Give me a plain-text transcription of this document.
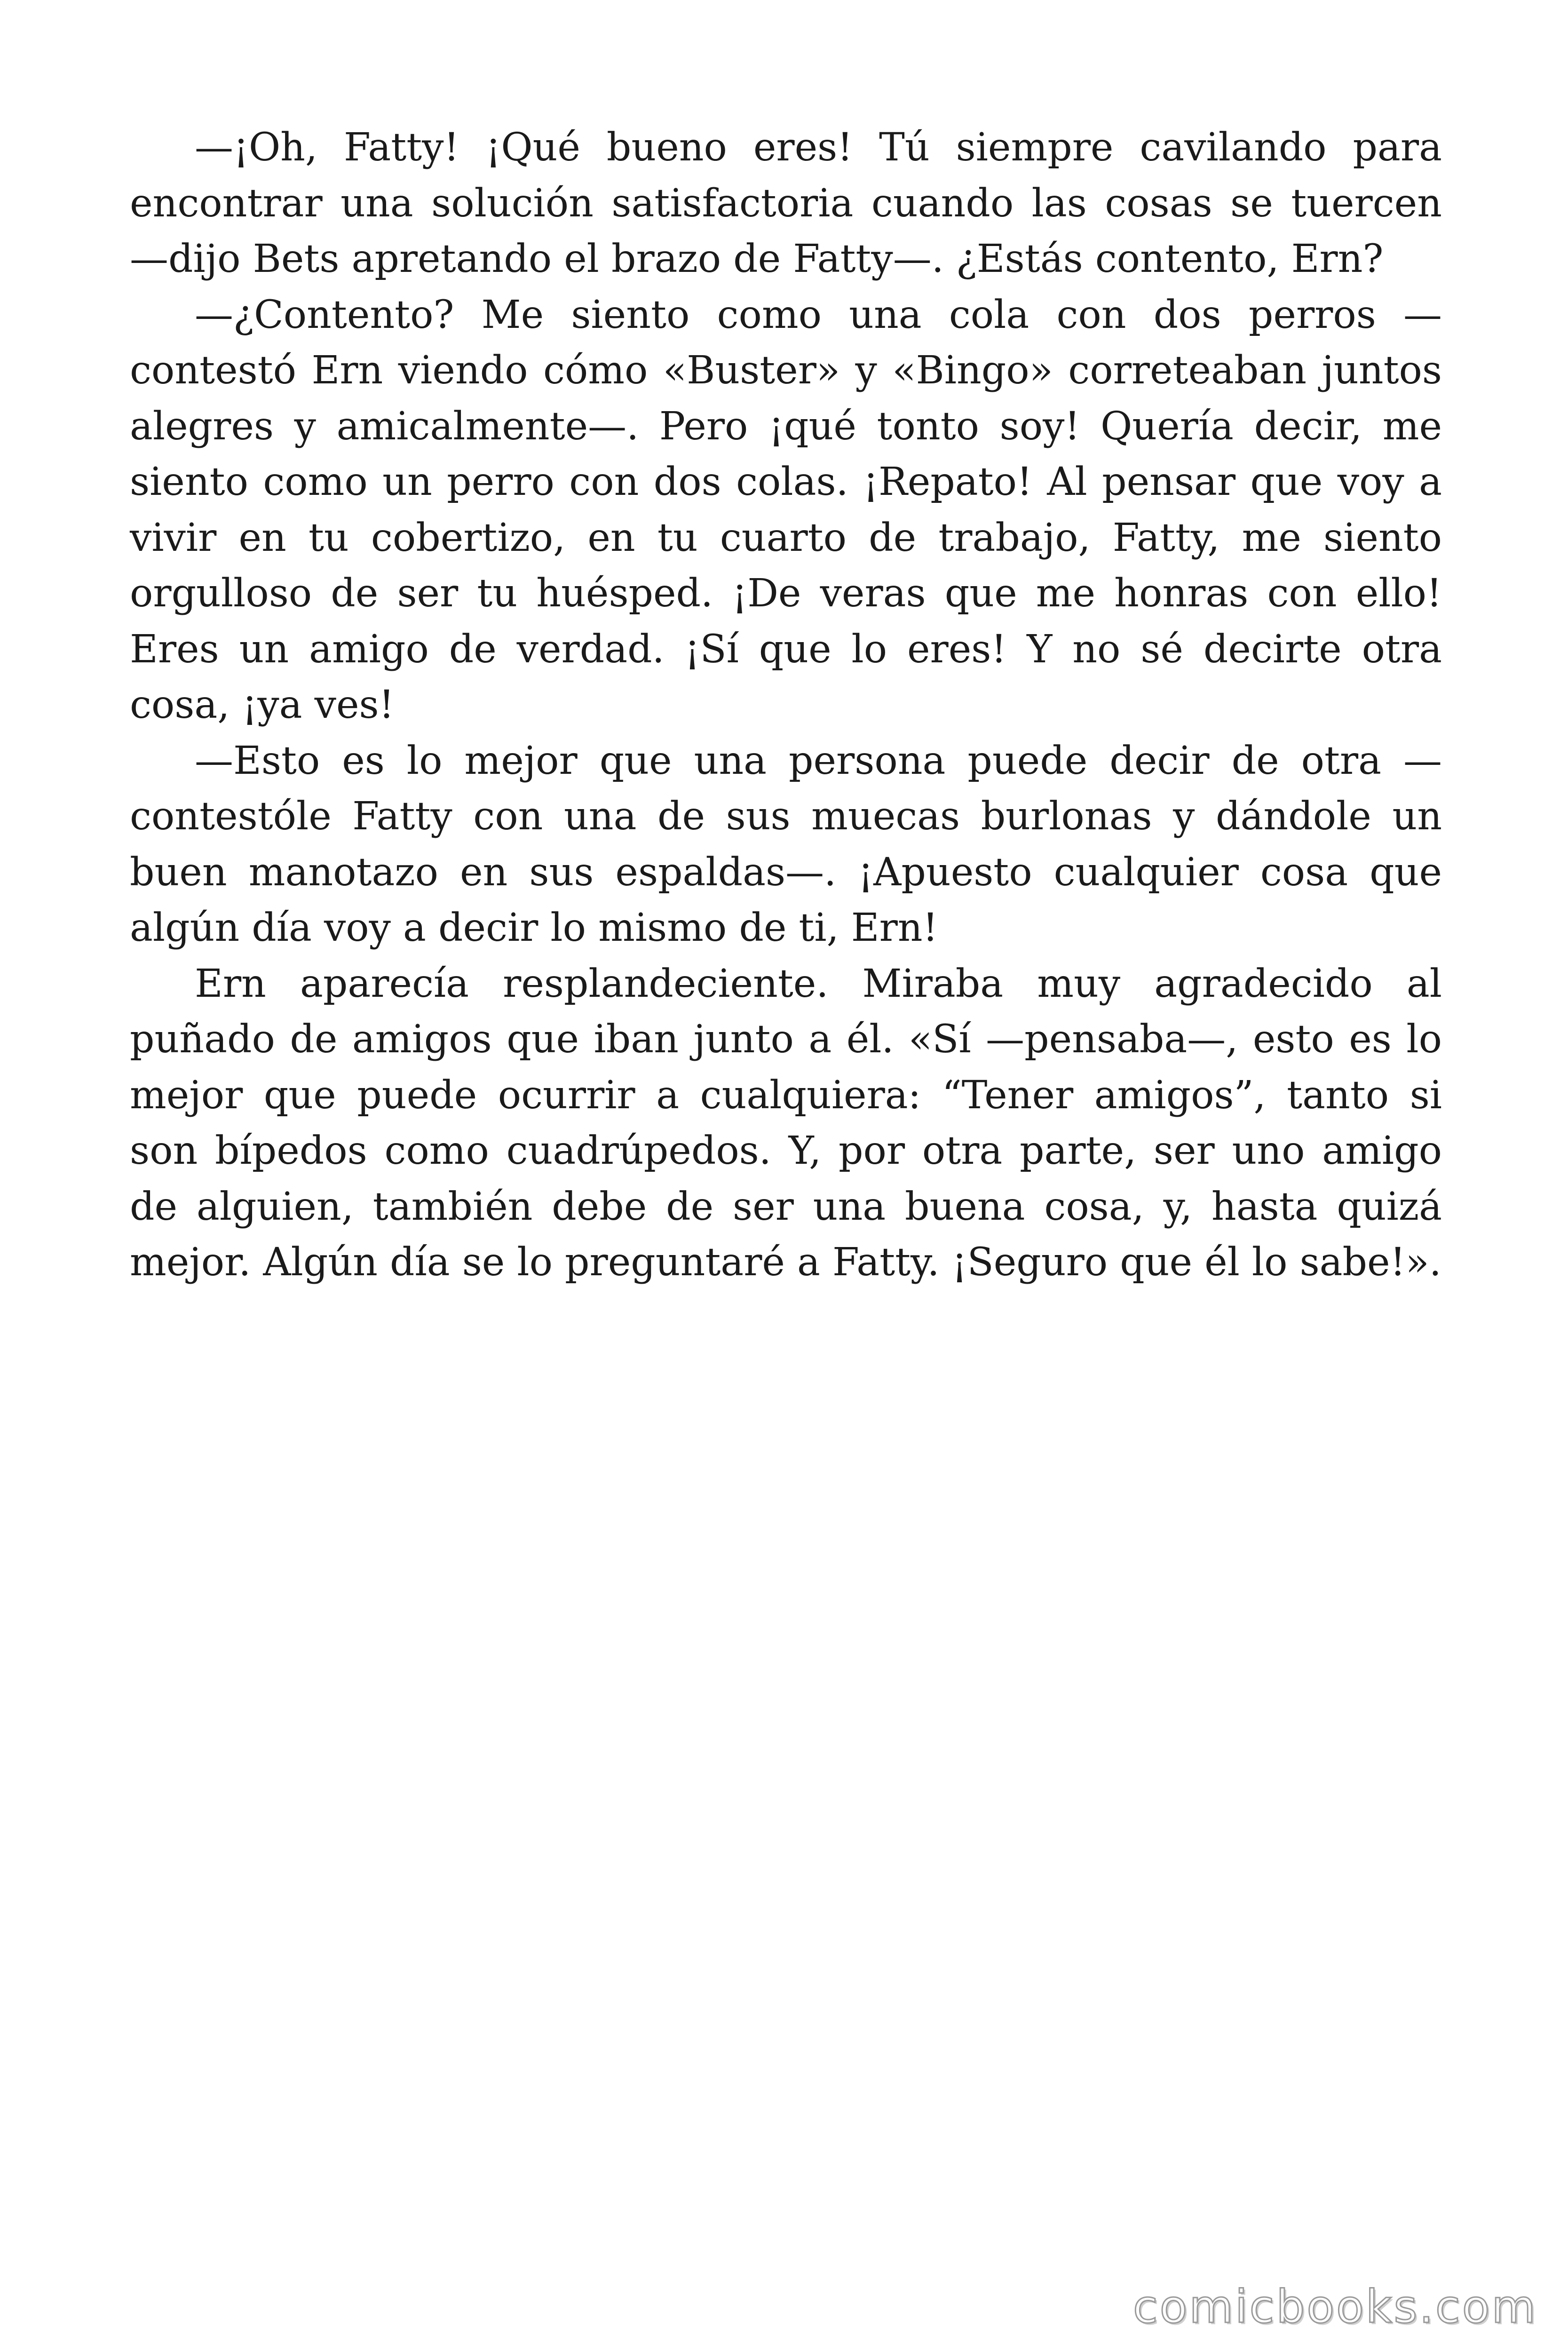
—¡Oh, Fatty! ¡Qué bueno eres! Tú siempre cavilando para encontrar una solución satisfactoria cuando las cosas se tuercen —dijo Bets apretando el brazo de Fatty—. ¿Estás contento, Ern?

—¿Contento? Me siento como una cola con dos perros —contestó Ern viendo cómo «Buster» y «Bingo» correteaban juntos alegres y amicalmente—. Pero ¡qué tonto soy! Quería decir, me siento como un perro con dos colas. ¡Repato! Al pensar que voy a vivir en tu cobertizo, en tu cuarto de trabajo, Fatty, me siento orgulloso de ser tu huésped. ¡De veras que me honras con ello! Eres un amigo de verdad. ¡Sí que lo eres! Y no sé decirte otra cosa, ¡ya ves!

—Esto es lo mejor que una persona puede decir de otra —contestóle Fatty con una de sus muecas burlonas y dándole un buen manotazo en sus espaldas—. ¡Apuesto cualquier cosa que algún día voy a decir lo mismo de ti, Ern!

Ern aparecía resplandeciente. Miraba muy agradecido al puñado de amigos que iban junto a él. «Sí —pensaba—, esto es lo mejor que puede ocurrir a cualquiera: “Tener amigos”, tanto si son bípedos como cuadrúpedos. Y, por otra parte, ser uno amigo de alguien, también debe de ser una buena cosa, y, hasta quizá mejor. Algún día se lo preguntaré a Fatty. ¡Seguro que él lo sabe!».

comicbooks.com
